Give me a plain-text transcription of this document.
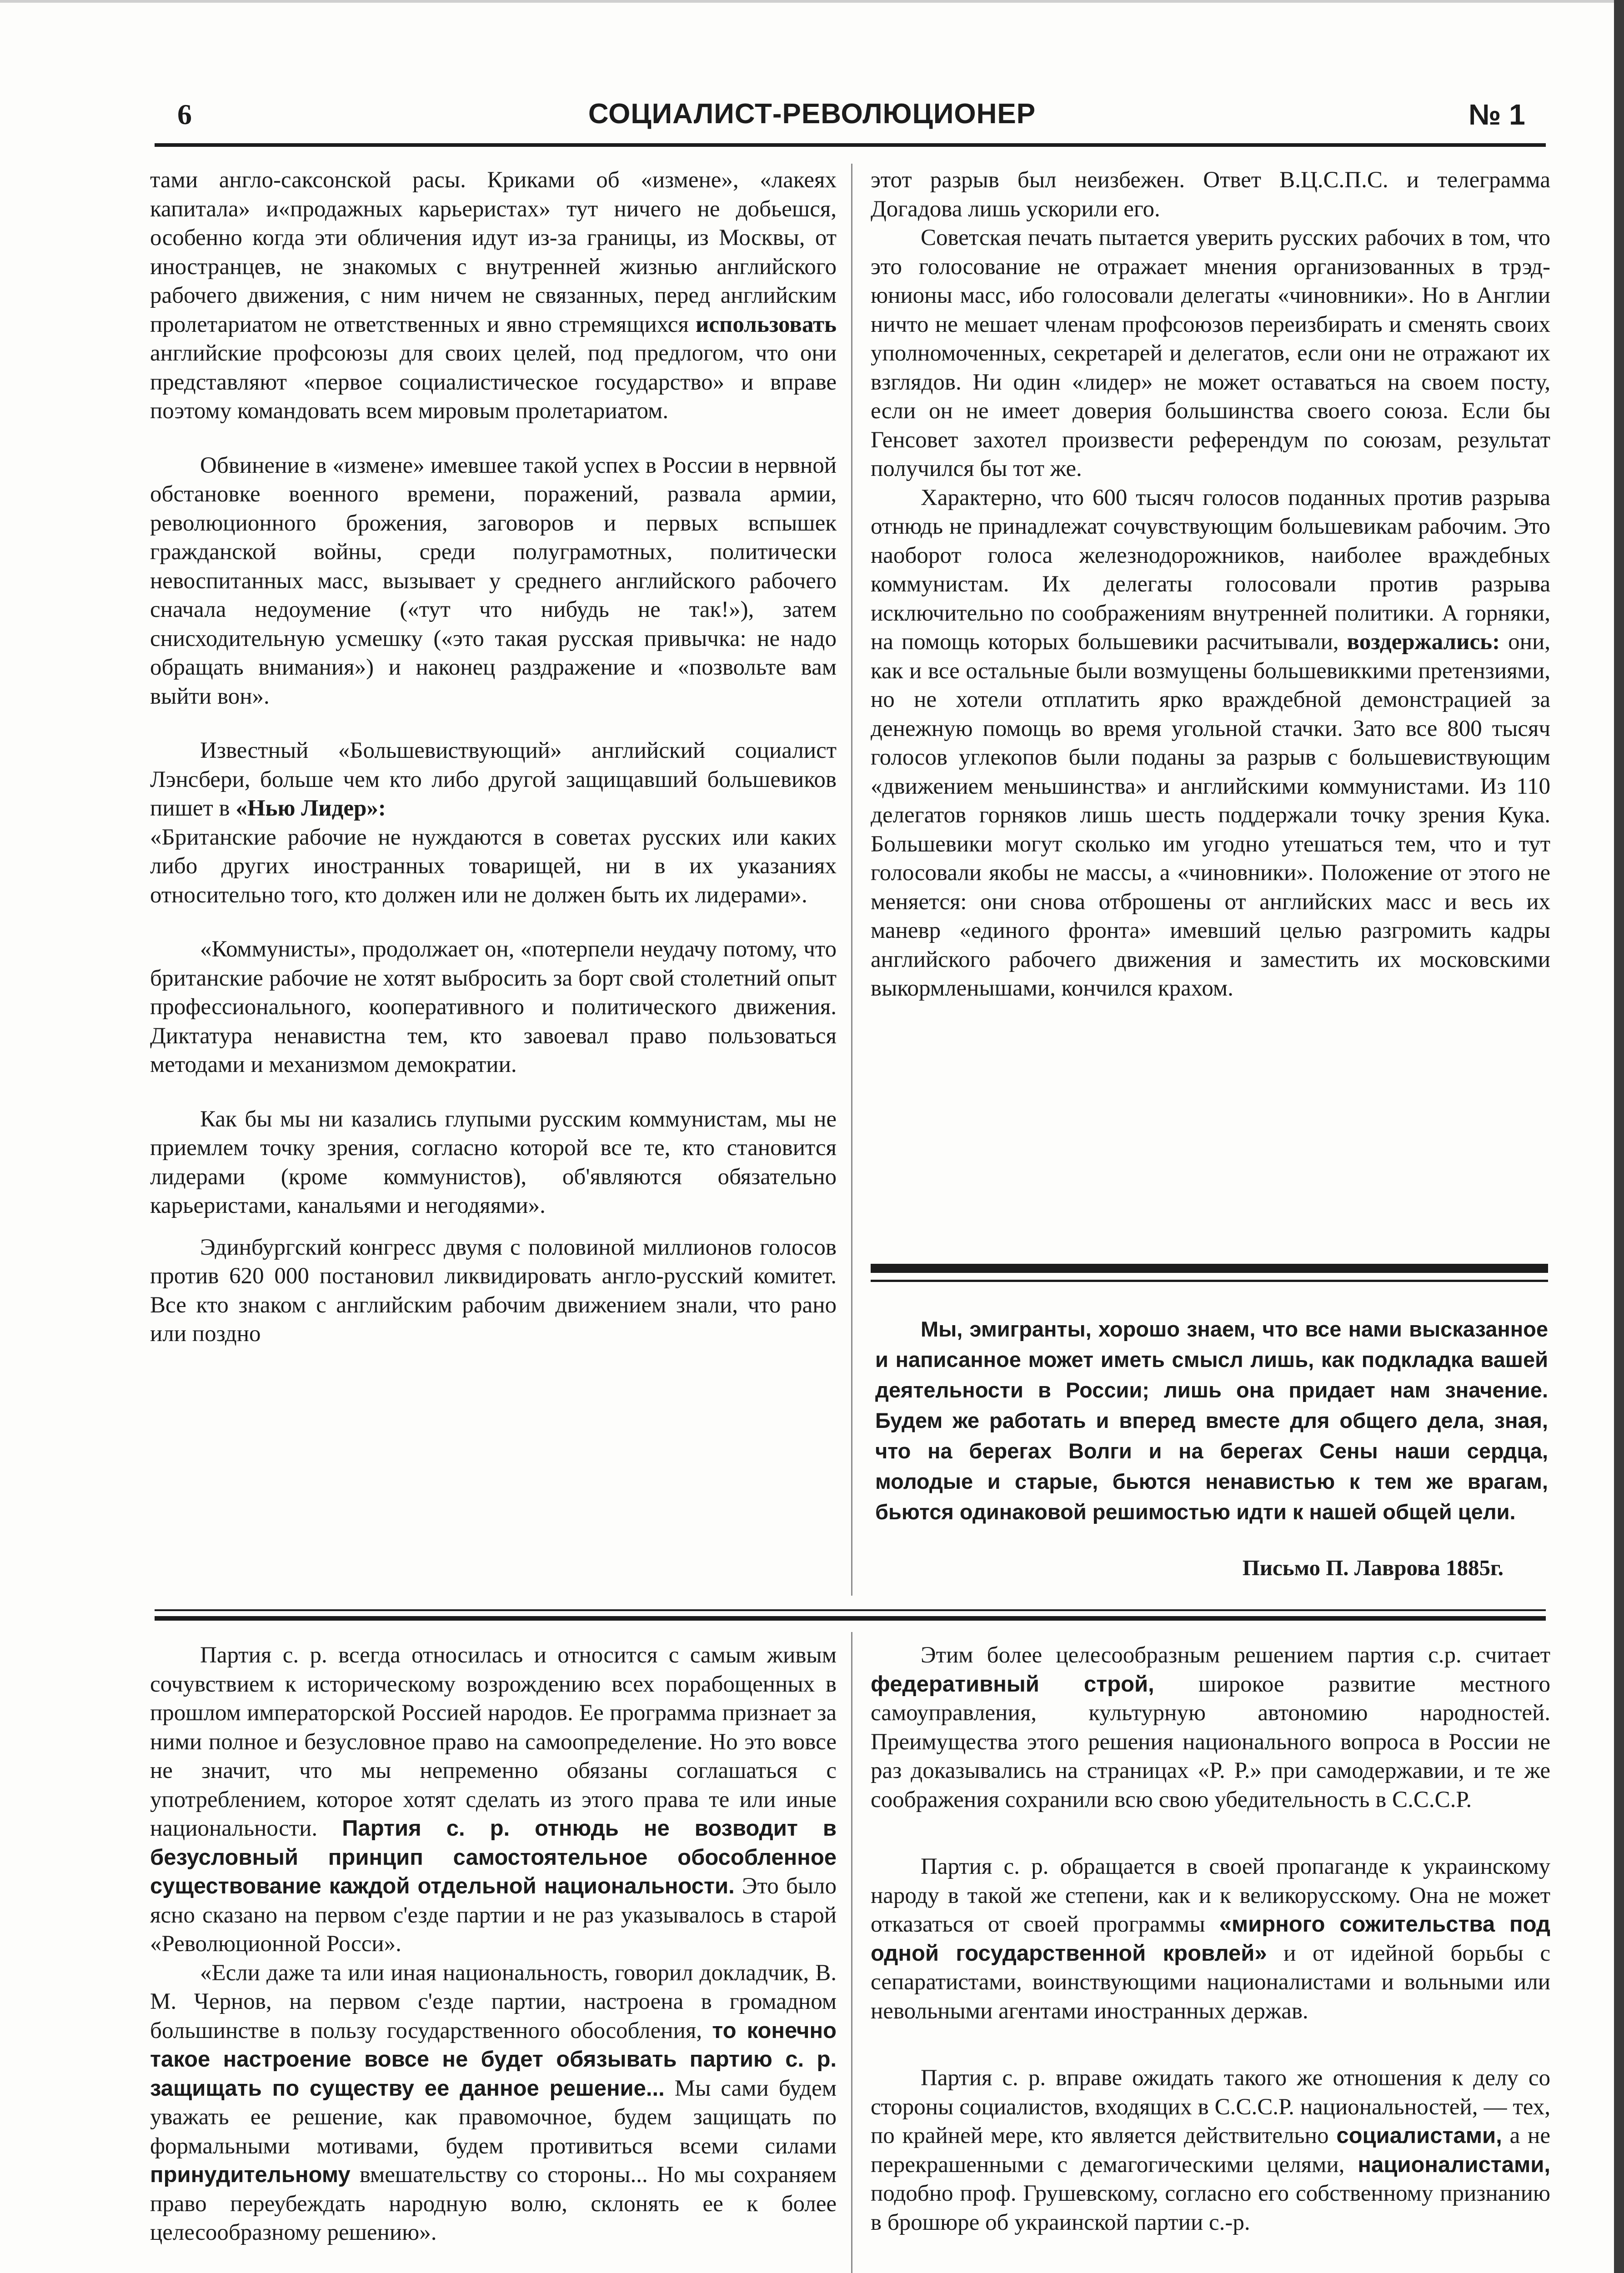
6	СОЦИАЛИСТ-РЕВОЛЮЦИОНЕР	№ 1

тами англо-саксонской расы. Криками об «измене», «лакеях капитала» и«продажных карьеристах» тут ничего не добьешся, особенно когда эти обличения идут из-за границы, из Москвы, от иностранцев, не знакомых с внутренней жизнью английского рабочего движения, с ним ничем не связанных, перед английским пролетариатом не ответственных и явно стремящихся использовать английские профсоюзы для своих целей, под предлогом, что они представляют «первое социалистическое государство» и вправе поэтому командовать всем мировым пролетариатом.

Обвинение в «измене» имевшее такой успех в России в нервной обстановке военного времени, поражений, развала армии, революционного брожения, заговоров и первых вспышек гражданской войны, среди полуграмотных, политически невоспитанных масс, вызывает у среднего английского рабочего сначала недоумение («тут что нибудь не так!»), затем снисходительную усмешку («это такая русская привычка: не надо обращать внимания») и наконец раздражение и «позвольте вам выйти вон».

Известный «Большевиствующий» английский социалист Лэнсбери, больше чем кто либо другой защищавший большевиков пишет в «Нью Лидер»:

«Британские рабочие не нуждаются в советах русских или каких либо других иностранных товарищей, ни в их указаниях относительно того, кто должен или не должен быть их лидерами».

«Коммунисты», продолжает он, «потерпели неудачу потому, что британские рабочие не хотят выбросить за борт свой столетний опыт профессионального, кооперативного и политического движения. Диктатура ненавистна тем, кто завоевал право пользоваться методами и механизмом демократии.

Как бы мы ни казались глупыми русским коммунистам, мы не приемлем точку зрения, согласно которой все те, кто становится лидерами (кроме коммунистов), об'являются обязательно карьеристами, канальями и негодяями».

Эдинбургский конгресс двумя с половиной миллионов голосов против 620 000 постановил ликвидировать англо-русский комитет. Все кто знаком с английским рабочим движением знали, что рано или поздно

этот разрыв был неизбежен. Ответ В.Ц.С.П.С. и телеграмма Догадова лишь ускорили его.

Советская печать пытается уверить русских рабочих в том, что это голосование не отражает мнения организованных в трэд-юнионы масс, ибо голосовали делегаты «чиновники». Но в Англии ничто не мешает членам профсоюзов переизбирать и сменять своих уполномоченных, секретарей и делегатов, если они не отражают их взглядов. Ни один «лидер» не может оставаться на своем посту, если он не имеет доверия большинства своего союза. Если бы Генсовет захотел произвести референдум по союзам, результат получился бы тот же.

Характерно, что 600 тысяч голосов поданных против разрыва отнюдь не принадлежат сочувствующим большевикам рабочим. Это наоборот голоса железнодорожников, наиболее враждебных коммунистам. Их делегаты голосовали против разрыва исключительно по соображениям внутренней политики. А горняки, на помощь которых большевики расчитывали, воздержались: они, как и все остальные были возмущены большевиккими претензиями, но не хотели отплатить ярко враждебной демонстрацией за денежную помощь во время угольной стачки. Зато все 800 тысяч голосов углекопов были поданы за разрыв с большевиствующим «движением меньшинства» и английскими коммунистами. Из 110 делегатов горняков лишь шесть поддержали точку зрения Кука. Большевики могут сколько им угодно утешаться тем, что и тут голосовали якобы не массы, а «чиновники». Положение от этого не меняется: они снова отброшены от английских масс и весь их маневр «единого фронта» имевший целью разгромить кадры английского рабочего движения и заместить их московскими выкормленышами, кончился крахом.

Мы, эмигранты, хорошо знаем, что все нами высказанное и написанное может иметь смысл лишь, как подкладка вашей деятельности в России; лишь она придает нам значение. Будем же работать и вперед вместе для общего дела, зная, что на берегах Волги и на берегах Сены наши сердца, молодые и старые, бьются ненавистью к тем же врагам, бьются одинаковой решимостью идти к нашей общей цели.
Письмо П. Лаврова 1885г.

Партия с. р. всегда относилась и относится с самым живым сочувствием к историческому возрождению всех порабощенных в прошлом императорской Россией народов. Ее программа признает за ними полное и безусловное право на самоопределение. Но это вовсе не значит, что мы непременно обязаны соглашаться с употреблением, которое хотят сделать из этого права те или иные национальности. Партия с. р. отнюдь не возводит в безусловный принцип самостоятельное обособленное существование каждой отдельной национальности. Это было ясно сказано на первом с'езде партии и не раз указывалось в старой «Революционной Росси».

«Если даже та или иная национальность, говорил докладчик, В. М. Чернов, на первом с'езде партии, настроена в громадном большинстве в пользу государственного обособления, то конечно такое настроение вовсе не будет обязывать партию с. р. защищать по существу ее данное решение... Мы сами будем уважать ее решение, как правомочное, будем защищать по формальными мотивами, будем противиться всеми силами принудительному вмешательству со стороны... Но мы сохраняем право переубеждать народную волю, склонять ее к более целесообразному решению».

Этим более целесообразным решением партия с.р. считает федеративный строй, широкое развитие местного самоуправления, культурную автономию народностей. Преимущества этого решения национального вопроса в России не раз доказывались на страницах «Р. Р.» при самодержавии, и те же соображения сохранили всю свою убедительность в С.С.С.Р.

Партия с. р. обращается в своей пропаганде к украинскому народу в такой же степени, как и к великорусскому. Она не может отказаться от своей программы «мирного сожительства под одной государственной кровлей» и от идейной борьбы с сепаратистами, воинствующими националистами и вольными или невольными агентами иностранных держав.

Партия с. р. вправе ожидать такого же отношения к делу со стороны социалистов, входящих в С.С.С.Р. национальностей, — тех, по крайней мере, кто является действительно социалистами, а не перекрашенными с демагогическими целями, националистами, подобно проф. Грушевскому, согласно его собственному признанию в брошюре об украинской партии с.-р.
